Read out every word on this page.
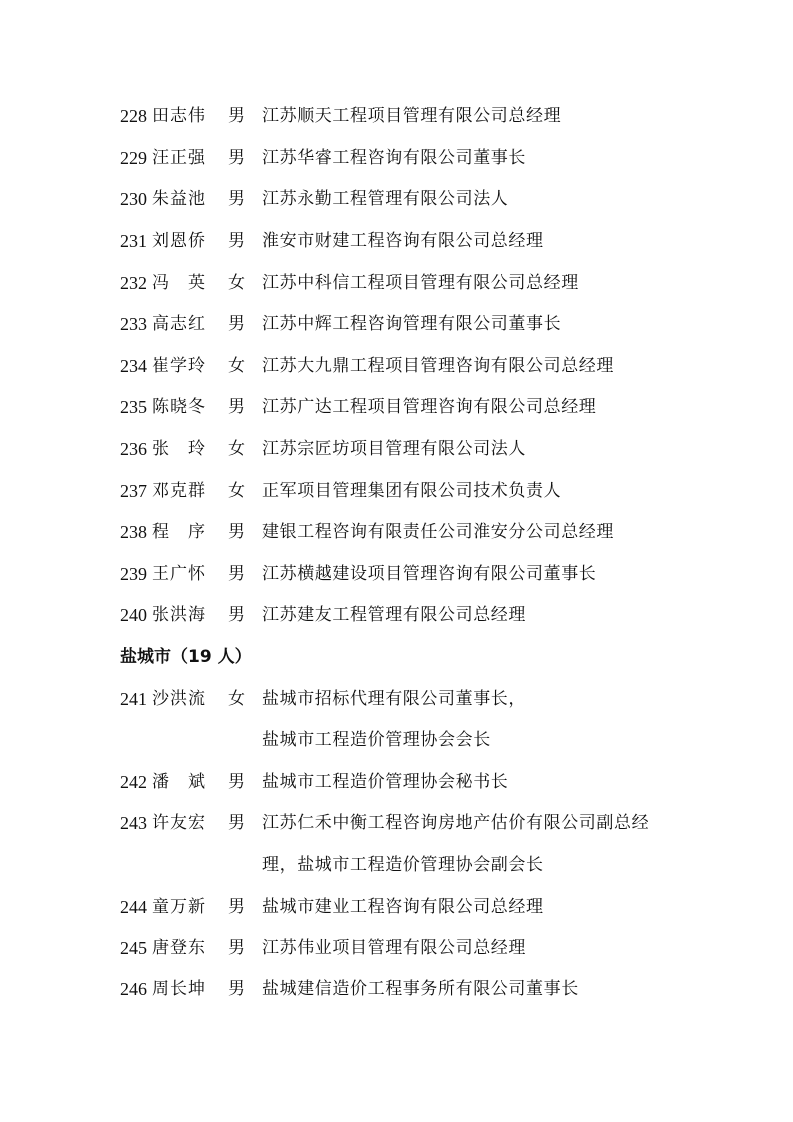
228 田志伟 男 江苏顺天工程项目管理有限公司总经理
229 汪正强 男 江苏华睿工程咨询有限公司董事长
230 朱益池 男 江苏永勤工程管理有限公司法人
231 刘恩侨 男 淮安市财建工程咨询有限公司总经理
232 冯　英 女 江苏中科信工程项目管理有限公司总经理
233 高志红 男 江苏中辉工程咨询管理有限公司董事长
234 崔学玲 女 江苏大九鼎工程项目管理咨询有限公司总经理
235 陈晓冬 男 江苏广达工程项目管理咨询有限公司总经理
236 张　玲 女 江苏宗匠坊项目管理有限公司法人
237 邓克群 女 正军项目管理集团有限公司技术负责人
238 程　序 男 建银工程咨询有限责任公司淮安分公司总经理
239 王广怀 男 江苏横越建设项目管理咨询有限公司董事长
240 张洪海 男 江苏建友工程管理有限公司总经理
盐城市（19 人）
241 沙洪流 女 盐城市招标代理有限公司董事长，
盐城市工程造价管理协会会长
242 潘　斌 男 盐城市工程造价管理协会秘书长
243 许友宏 男 江苏仁禾中衡工程咨询房地产估价有限公司副总经
理，盐城市工程造价管理协会副会长
244 童万新 男 盐城市建业工程咨询有限公司总经理
245 唐登东 男 江苏伟业项目管理有限公司总经理
246 周长坤 男 盐城建信造价工程事务所有限公司董事长
